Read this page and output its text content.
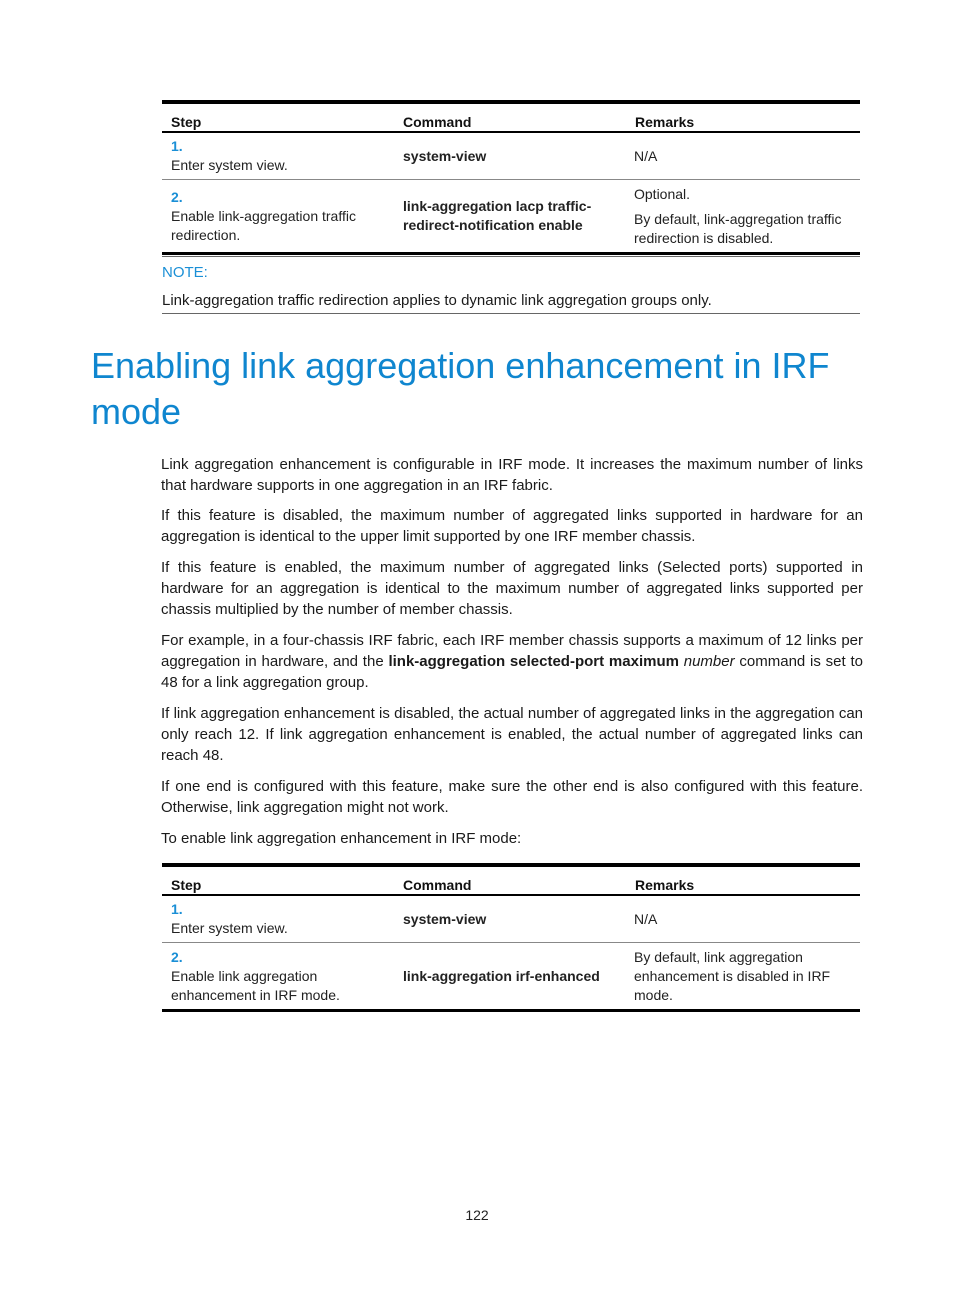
Step	Command	Remarks
1.Enter system view.	system-view	N/A

2.Enable link-aggregation traffic redirection.	link-aggregation lacp traffic-redirect-notification enable	Optional.

By default, link-aggregation traffic redirection is disabled.

NOTE:

Link-aggregation traffic redirection applies to dynamic link aggregation groups only.

Enabling link aggregation enhancement in IRF mode

Link aggregation enhancement is configurable in IRF mode. It increases the maximum number of links that hardware supports in one aggregation in an IRF fabric.

If this feature is disabled, the maximum number of aggregated links supported in hardware for an aggregation is identical to the upper limit supported by one IRF member chassis.

If this feature is enabled, the maximum number of aggregated links (Selected ports) supported in hardware for an aggregation is identical to the maximum number of aggregated links supported per chassis multiplied by the number of member chassis.

For example, in a four-chassis IRF fabric, each IRF member chassis supports a maximum of 12 links per aggregation in hardware, and the link-aggregation selected-port maximum number command is set to 48 for a link aggregation group.

If link aggregation enhancement is disabled, the actual number of aggregated links in the aggregation can only reach 12. If link aggregation enhancement is enabled, the actual number of aggregated links can reach 48.

If one end is configured with this feature, make sure the other end is also configured with this feature. Otherwise, link aggregation might not work.

To enable link aggregation enhancement in IRF mode:

Step	Command	Remarks
1.Enter system view.	system-view	N/A

2.Enable link aggregation enhancement in IRF mode.	link-aggregation irf-enhanced	By default, link aggregation enhancement is disabled in IRF mode.

122
